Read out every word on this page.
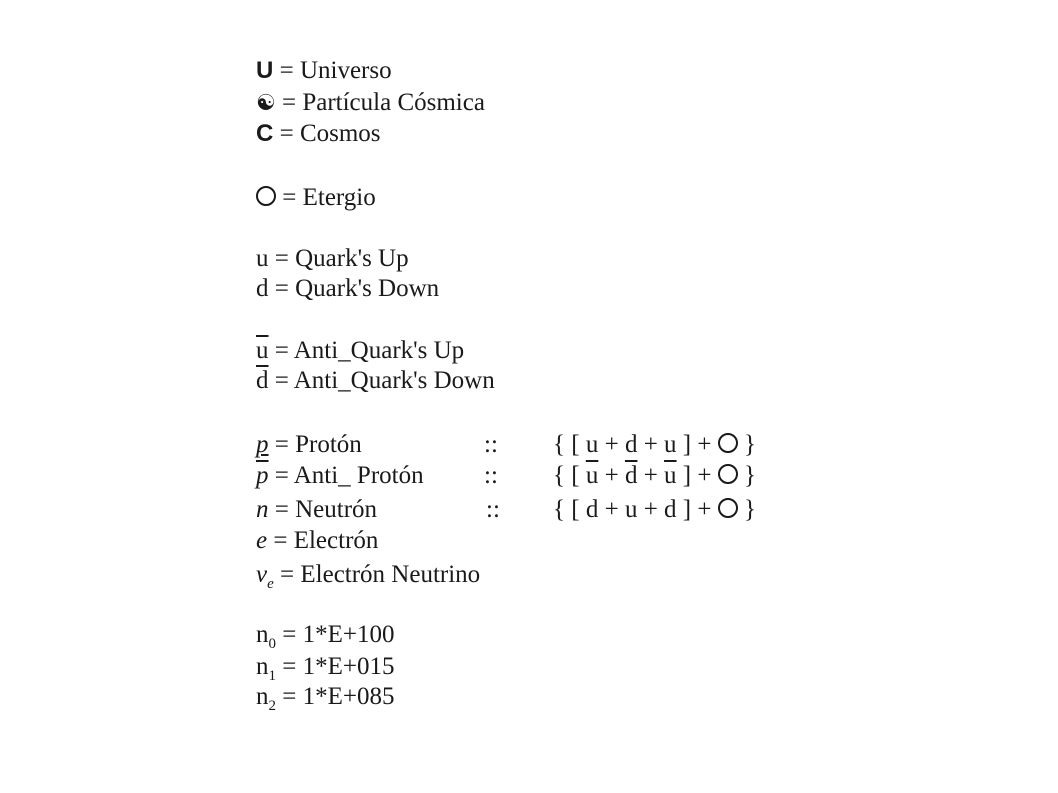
U = Universo
☯ = Partícula Cósmica
C = Cosmos
= Etergio
u = Quark's Up
d = Quark's Down
$\overline{u}$ = Anti_Quark's Up
$\overline{d}$ = Anti_Quark's Down
p = Protón	:: { [ u + d + u ] +  }
$\overline{p}$ = Anti_ Protón :: { [ $\overline{u} + \overline{d} + \overline{u}$ ] +  }
n = Neutrón	:: { [ d + u + d ] +  }
e = Electrón
$\nu_e$ = Electrón Neutrino
$n_0 = 1*E+100$
$n_1 = 1*E+015$
$n_2 = 1*E+085$
